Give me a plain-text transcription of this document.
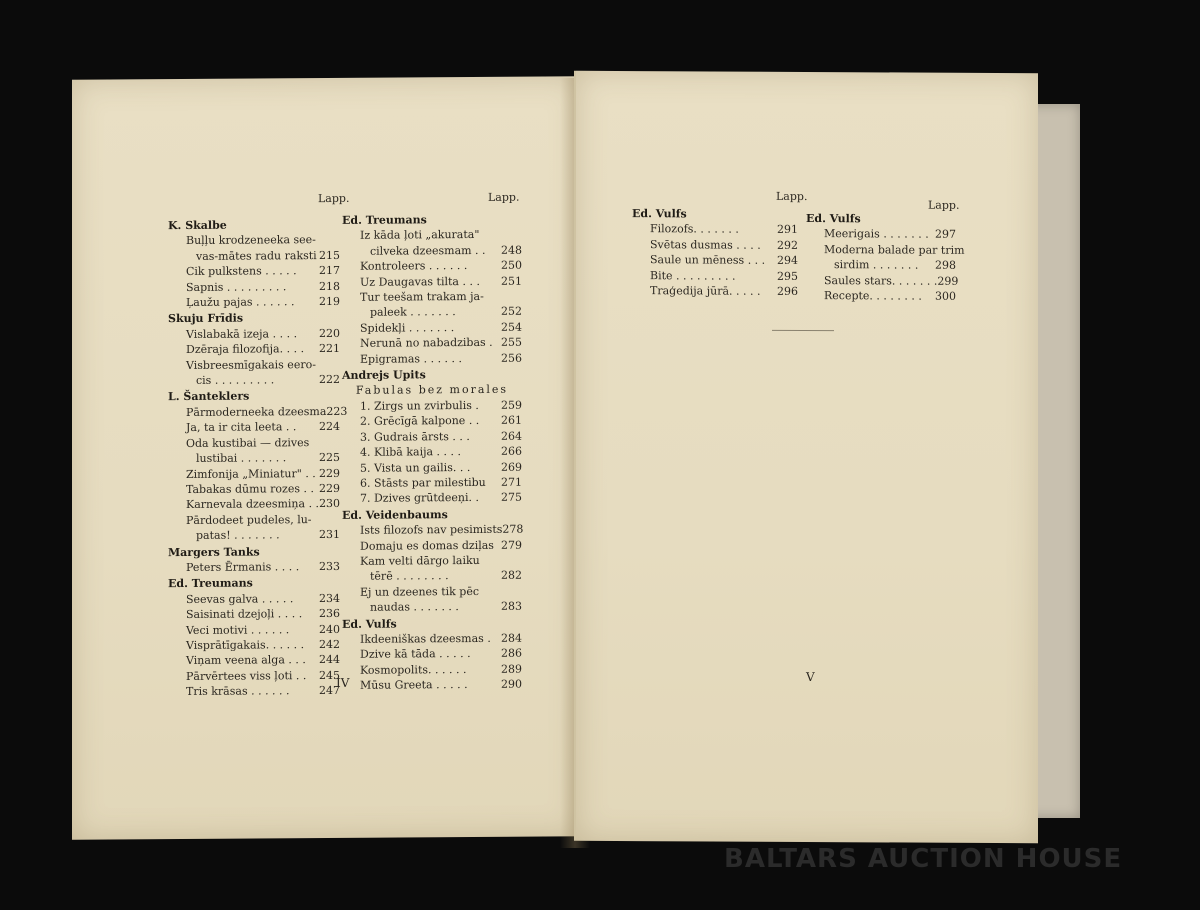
Lapp.	Lapp.
K. Skalbe
Buļļu krodzeneeka see-
vas-mātes radu raksti 215
Cik pulkstens . . . . .	217
Sapnis . . . . . . . . .	218
Ļaužu pajas . . . . . .	219
Skuju Frīdis
Vislabakā izeja . . . .	220
Dzēraja filozofija. . . .	221
Visbreesmīgakais eero-
cis . . . . . . . . .	222
L. Šanteklers
Pārmoderneeka dzeesma 223
Ja, ta ir cita leeta . .	224
Oda kustibai — dzives
lustibai . . . . . . .	225
Zimfonija „Miniatur" . . 229
Tabakas dūmu rozes . . 229
Karnevala dzeesmiņa . . 230
Pārdodeet pudeles, lu-
patas! . . . . . . .	231
Margers Tanks
Peters Ērmanis . . . .	233
Ed. Treumans
Seevas galva . . . . .	234
Saisinati dzejoļi . . . .	236
Veci motivi . . . . . .	240
Visprātīgakais. . . . . .	242
Viņam veena alga . . .	244
Pārvērtees viss ļoti . .	245
Tris krāsas . . . . . .	247
Ed. Treumans
Iz kāda ļoti „akurata"
cilveka dzeesmam . .	248
Kontroleers . . . . . .	250
Uz Daugavas tilta . . .	251
Tur teešam trakam ja-
paleek . . . . . . .	252
Spidekļi . . . . . . .	254
Nerunā no nabadzibas . 255
Epigramas . . . . . .	256
Andrejs Upits
Fabulas bez morales
1. Zirgs un zvirbulis .	259
2. Grēcīgā kalpone . .	261
3. Gudrais ārsts . . .	264
4. Klibā kaija . . . .	266
5. Vista un gailis. . .	269
6. Stāsts par milestibu	271
7. Dzives grūtdeeņi. .	275
Ed. Veidenbaums
Ists filozofs nav pesimists 278
Domaju es domas dziļas 279
Kam velti dārgo laiku
tērē . . . . . . . .	282
Ej un dzeenes tik pēc
naudas . . . . . . .	283
Ed. Vulfs
Ikdeeniškas dzeesmas . 284
Dzive kā tāda . . . . .	286
Kosmopolits. . . . . .	289
Mūsu Greeta . . . . .	290
IV
Lapp.
Lapp.
Ed. Vulfs
Filozofs. . . . . . .	291
Svētas dusmas . . . .	292
Saule un mēness . . .	294
Bite . . . . . . . . .	295
Traģedija jūrā. . . . .	296
Ed. Vulfs
Meerigais . . . . . . . 297
Moderna balade par trim
sirdim . . . . . . .	298
Saules stars. . . . . . . 299
Recepte. . . . . . . .	300
V
BALTARS AUCTION HOUSE
